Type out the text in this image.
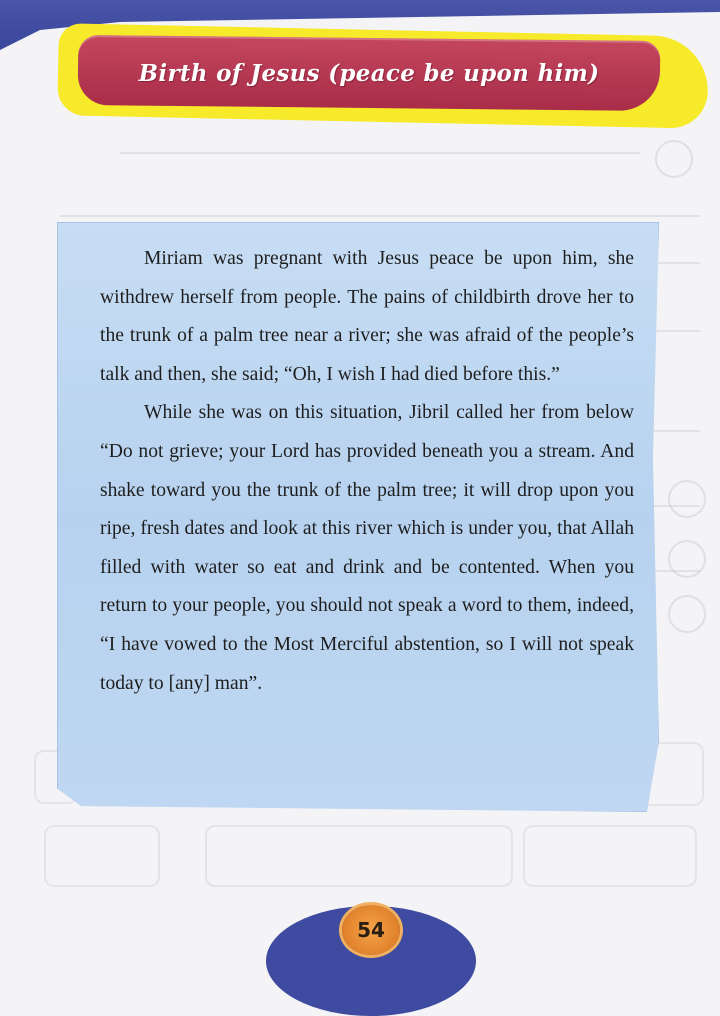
Birth of Jesus (peace be upon him)

Miriam was pregnant with Jesus peace be upon him, she withdrew herself from people. The pains of childbirth drove her to the trunk of a palm tree near a river; she was afraid of the people’s talk and then, she said; “Oh, I wish I had died before this.”

While she was on this situation, Jibril called her from below “Do not grieve; your Lord has provided beneath you a stream. And shake toward you the trunk of the palm tree; it will drop upon you ripe, fresh dates and look at this river which is under you, that Allah filled with water so eat and drink and be contented. When you return to your people, you should not speak a word to them, indeed, “I have vowed to the Most Merciful abstention, so I will not speak today to [any] man”.

54
